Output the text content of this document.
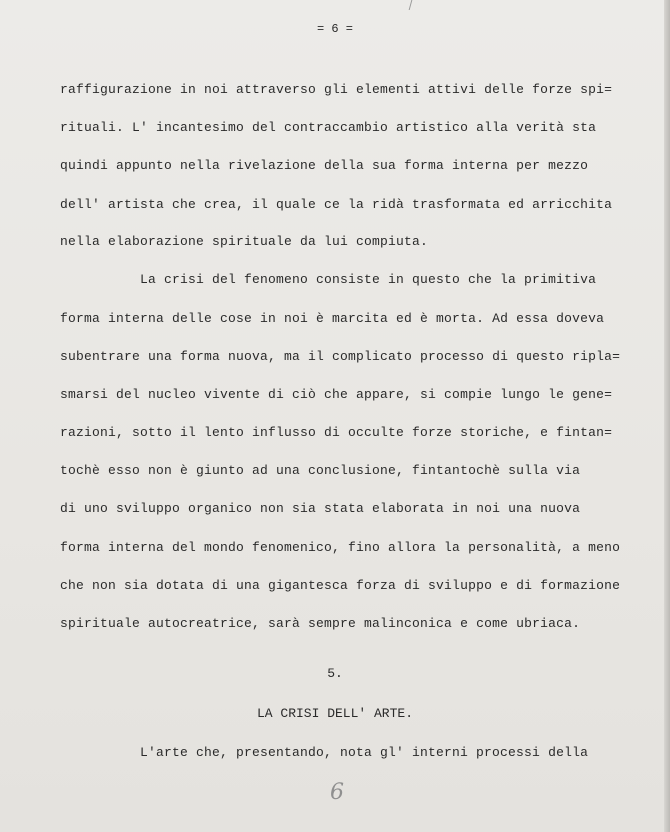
= 6 =
raffigurazione in noi attraverso gli elementi attivi delle forze spi=
rituali. L' incantesimo del contraccambio artistico alla verità sta
quindi appunto nella rivelazione della sua forma interna per mezzo
dell' artista che crea, il quale ce la ridà trasformata ed arricchita
nella elaborazione spirituale da lui compiuta.
La crisi del fenomeno consiste in questo che la primitiva
forma interna delle cose in noi è marcita ed è morta. Ad essa doveva
subentrare una forma nuova, ma il complicato processo di questo ripla=
smarsi del nucleo vivente di ciò che appare, si compie lungo le gene=
razioni, sotto il lento influsso di occulte forze storiche, e fintan=
tochè esso non è giunto ad una conclusione, fintantochè sulla via
di uno sviluppo organico non sia stata elaborata in noi una nuova
forma interna del mondo fenomenico, fino allora la personalità, a meno
che non sia dotata di una gigantesca forza di sviluppo e di formazione
spirituale autocreatrice, sarà sempre malinconica e come ubriaca.
5.
LA CRISI DELL' ARTE.
L'arte che, presentando, nota gl' interni processi della
6
